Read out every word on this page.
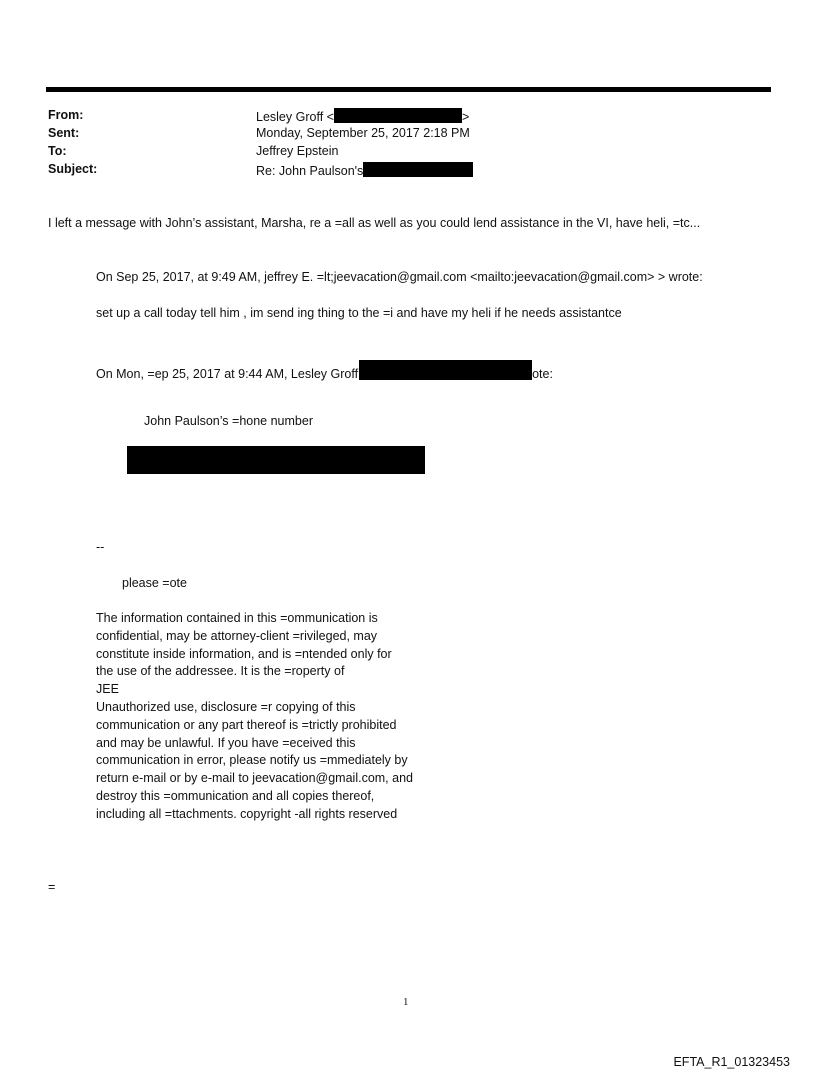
From:	Lesley Groff <	>
Sent:	Monday, September 25, 2017 2:18 PM
To:	Jeffrey Epstein
Subject:	Re: John Paulson's
I left a message with John’s assistant, Marsha, re a =all as well as you could lend assistance in the VI, have heli, =tc...
On Sep 25, 2017, at 9:49 AM, jeffrey E. =lt;jeevacation@gmail.com <mailto:jeevacation@gmail.com> > wrote:
set up a call today tell him , im send ing thing to the =i and have my heli if he needs assistantce
On Mon, =ep 25, 2017 at 9:44 AM, Lesley Groff	ote:
John Paulson’s =hone number
--
please =ote
The information contained in this =ommunication is
confidential, may be attorney-client =rivileged, may
constitute inside information, and is =ntended only for
the use of the addressee. It is the =roperty of
JEE
Unauthorized use, disclosure =r copying of this
communication or any part thereof is =trictly prohibited
and may be unlawful. If you have =eceived this
communication in error, please notify us =mmediately by
return e-mail or by e-mail to jeevacation@gmail.com, and
destroy this =ommunication and all copies thereof,
including all =ttachments. copyright -all rights reserved
=
1
EFTA_R1_01323453
